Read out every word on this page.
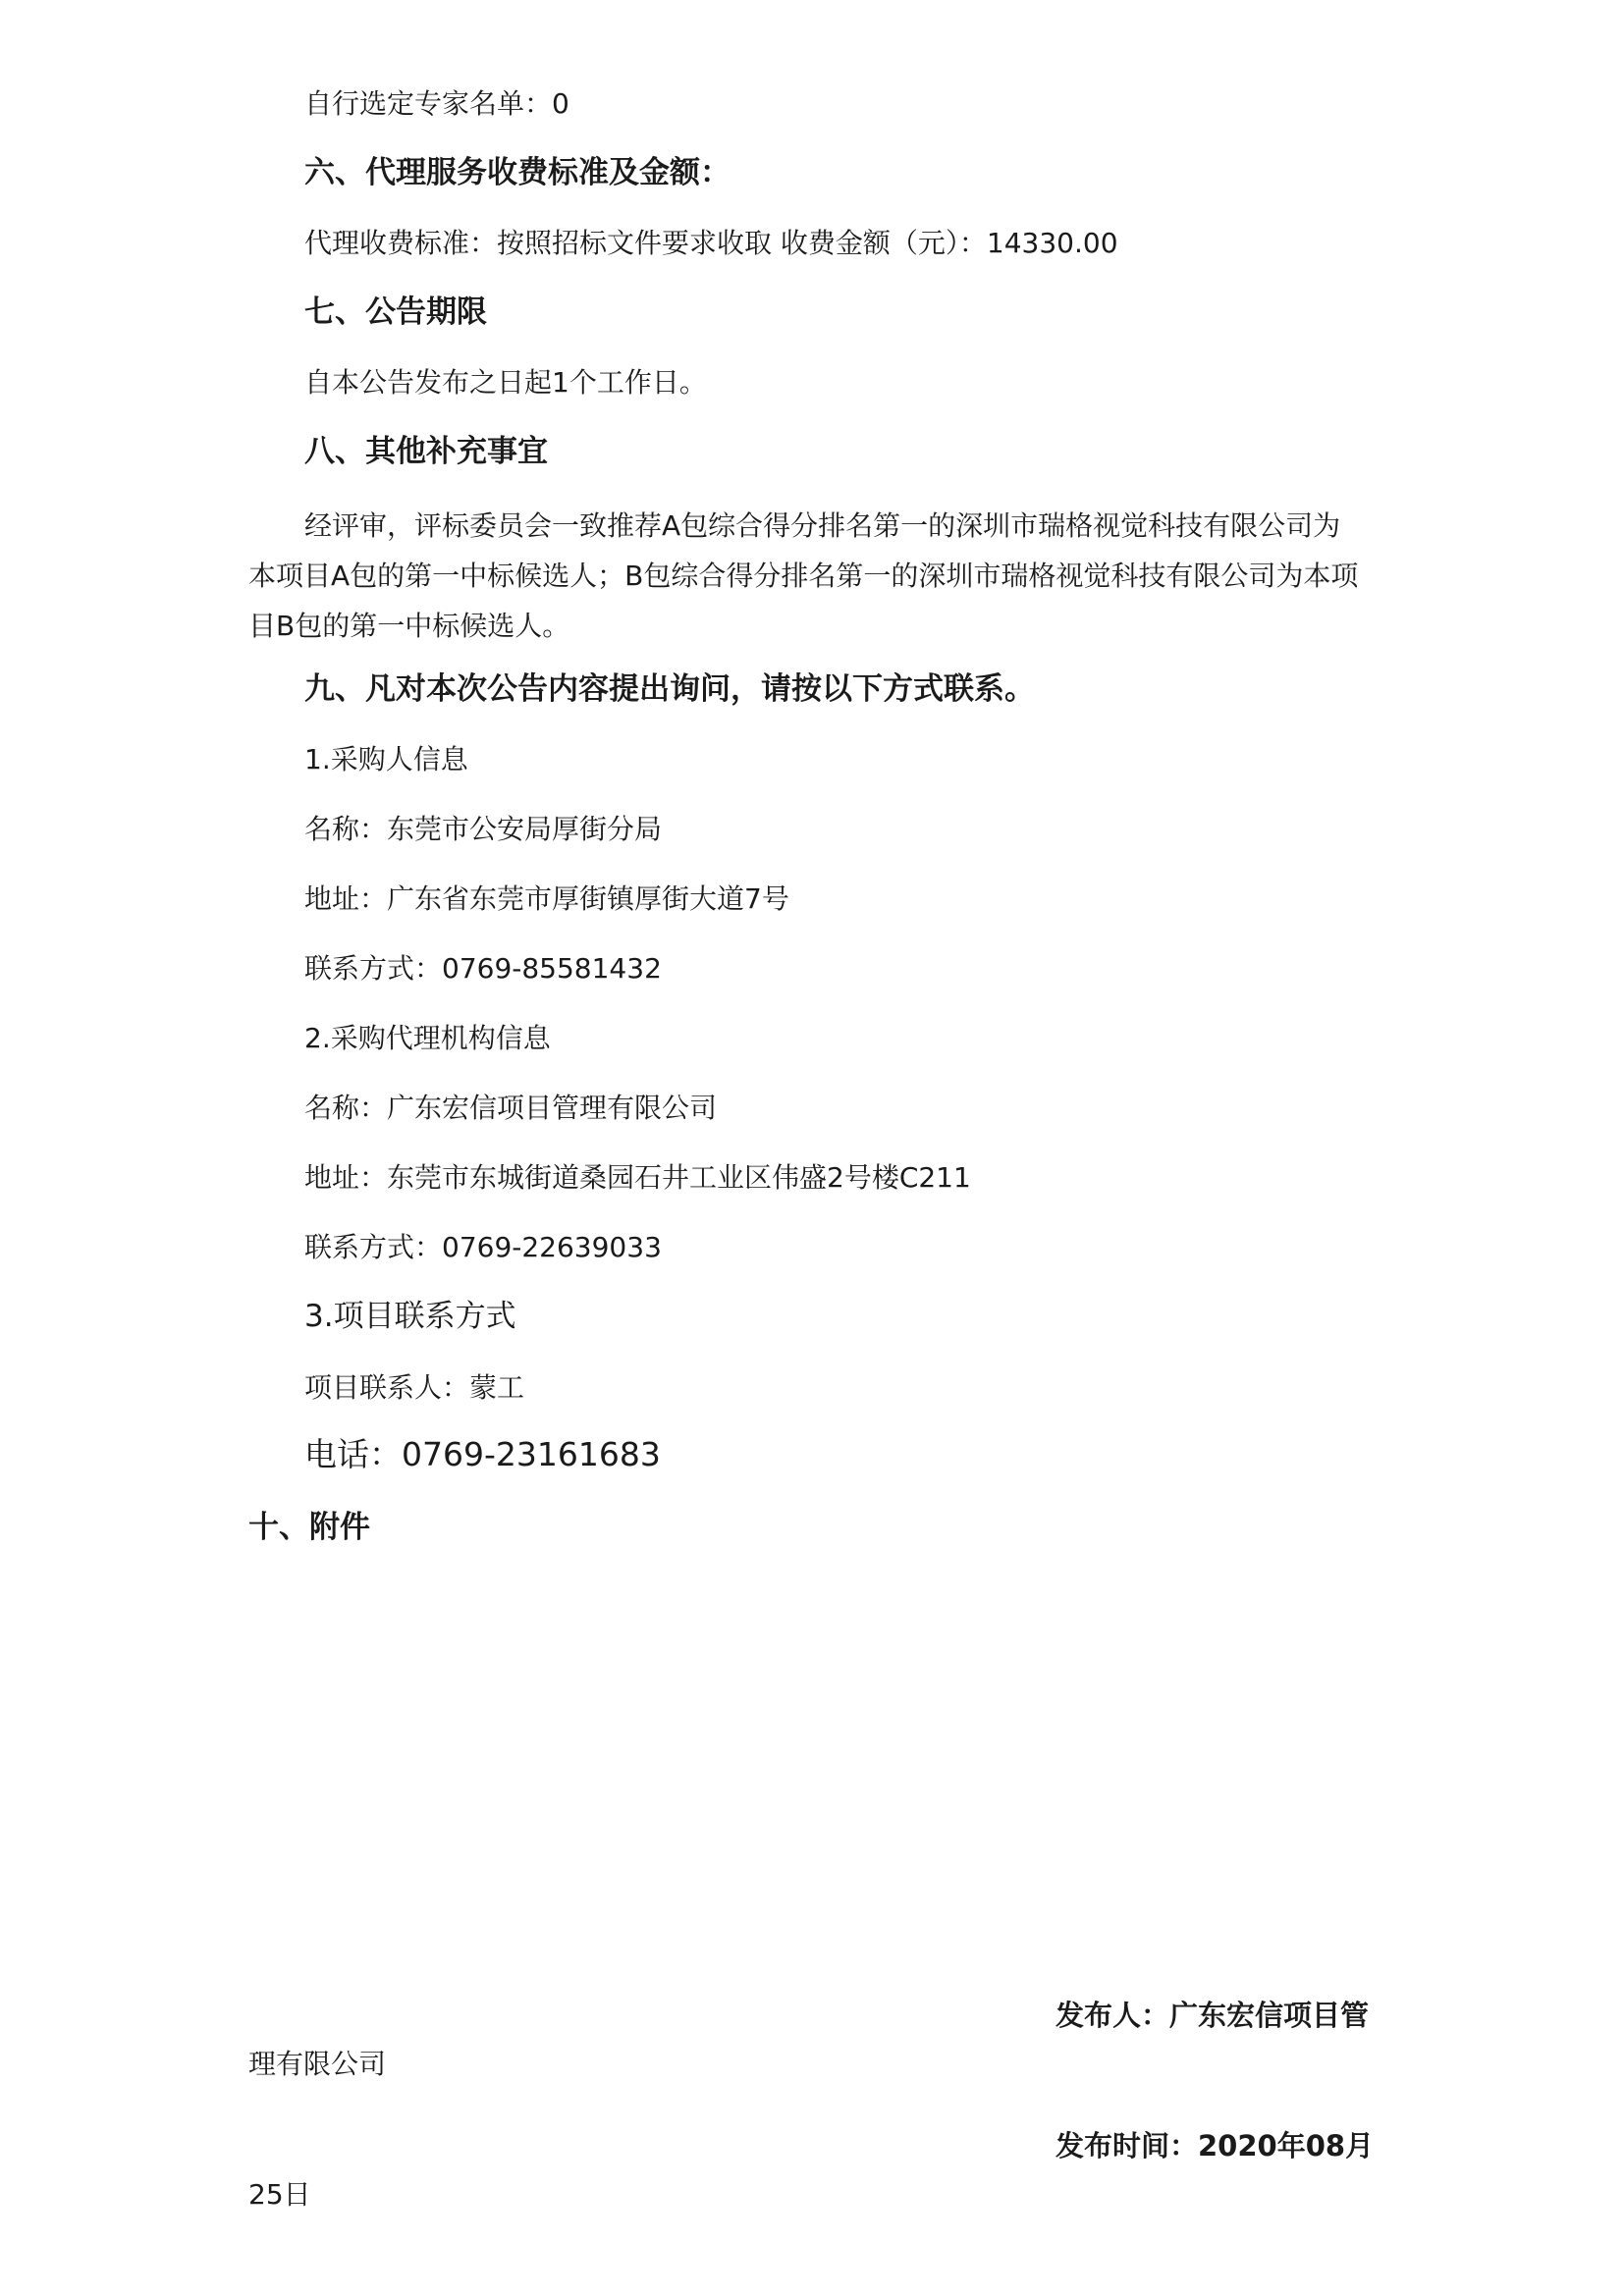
自行选定专家名单：0
六、代理服务收费标准及金额：
代理收费标准：按照招标文件要求收取 收费金额（元）：14330.00
七、公告期限
自本公告发布之日起1个工作日。
八、其他补充事宜
经评审，评标委员会一致推荐A包综合得分排名第一的深圳市瑞格视觉科技有限公司为本项目A包的第一中标候选人；B包综合得分排名第一的深圳市瑞格视觉科技有限公司为本项目B包的第一中标候选人。
九、凡对本次公告内容提出询问，请按以下方式联系。
1.采购人信息
名称：东莞市公安局厚街分局
地址：广东省东莞市厚街镇厚街大道7号
联系方式：0769-85581432
2.采购代理机构信息
名称：广东宏信项目管理有限公司
地址：东莞市东城街道桑园石井工业区伟盛2号楼C211
联系方式：0769-22639033
3.项目联系方式
项目联系人：蒙工
电话：0769-23161683
十、附件
发布人：广东宏信项目管
理有限公司
发布时间：2020年08月
25日
